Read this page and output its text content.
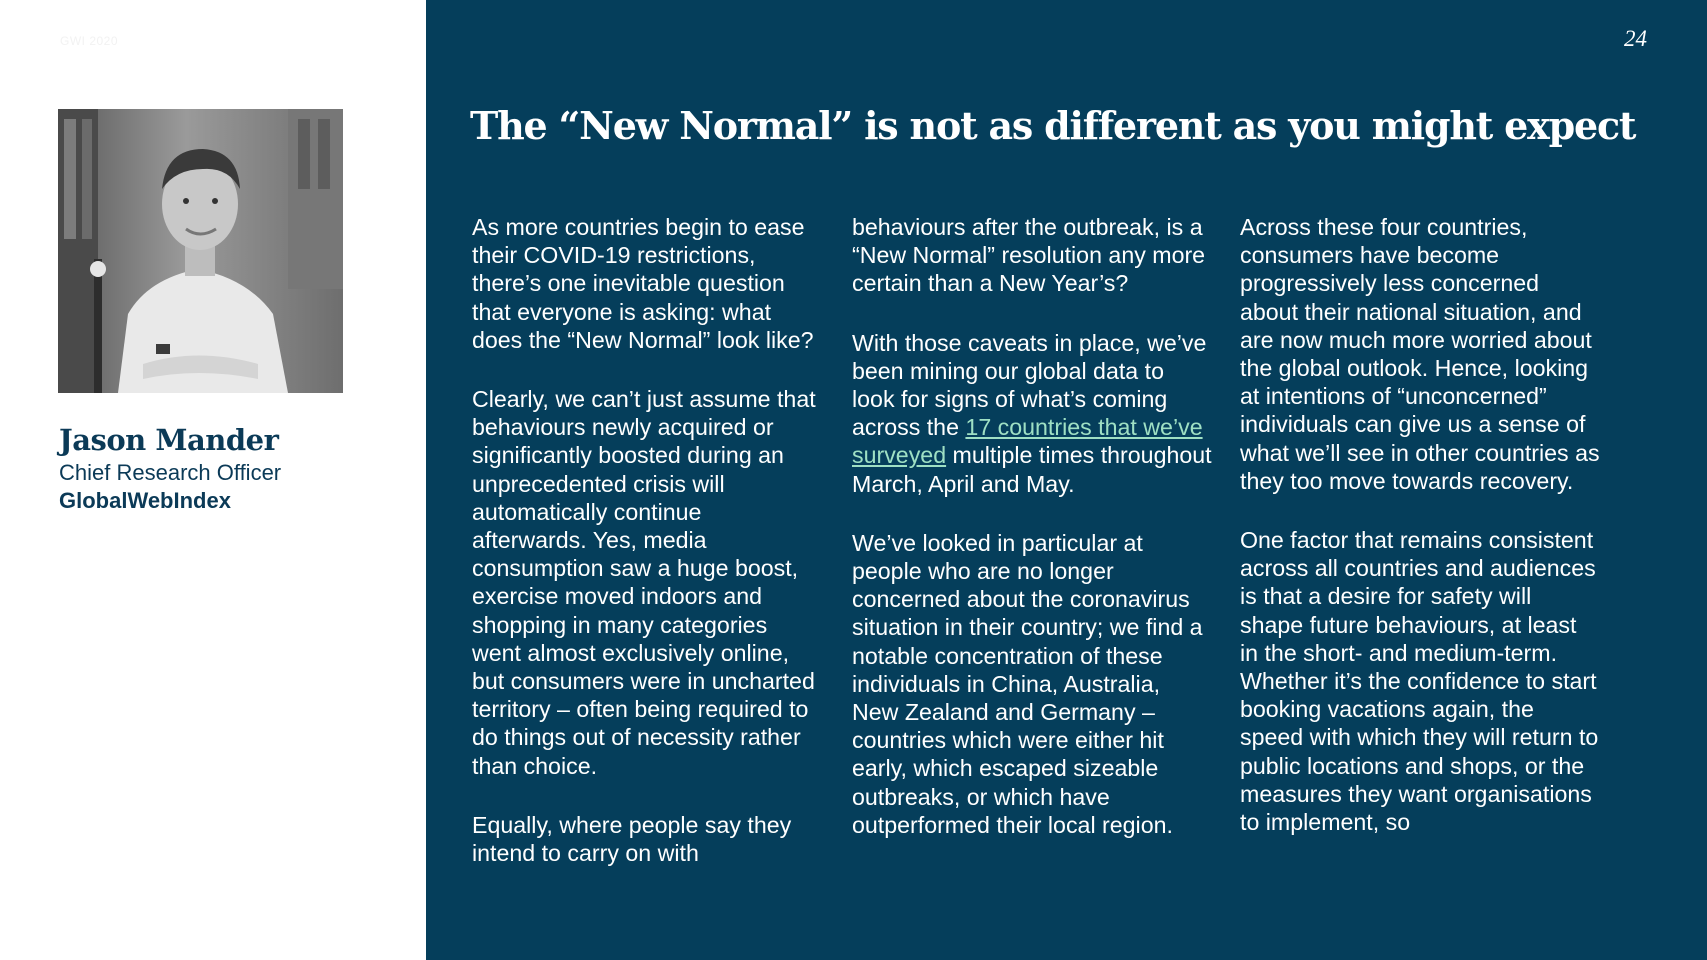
GWI 2020
Jason Mander
Chief Research Officer
GlobalWebIndex
24
The “New Normal” is not as different as you might expect

As more countries begin to ease their COVID-19 restrictions, there’s one inevitable question that everyone is asking: what does the “New Normal” look like?

Clearly, we can’t just assume that behaviours newly acquired or significantly boosted during an unprecedented crisis will automatically continue afterwards. Yes, media consumption saw a huge boost, exercise moved indoors and shopping in many categories went almost exclusively online, but consumers were in uncharted territory – often being required to do things out of necessity rather than choice.

Equally, where people say they intend to carry on with

behaviours after the outbreak, is a “New Normal” resolution any more certain than a New Year’s?

With those caveats in place, we’ve been mining our global data to look for signs of what’s coming across the 17 countries that we’ve surveyed multiple times throughout March, April and May.

We’ve looked in particular at people who are no longer concerned about the coronavirus situation in their country; we find a notable concentration of these individuals in China, Australia, New Zealand and Germany – countries which were either hit early, which escaped sizeable outbreaks, or which have outperformed their local region.

Across these four countries, consumers have become progressively less concerned about their national situation, and are now much more worried about the global outlook. Hence, looking at intentions of “unconcerned” individuals can give us a sense of what we’ll see in other countries as they too move towards recovery.

One factor that remains consistent across all countries and audiences is that a desire for safety will shape future behaviours, at least in the short- and medium-term. Whether it’s the confidence to start booking vacations again, the speed with which they will return to public locations and shops, or the measures they want organisations to implement, so
